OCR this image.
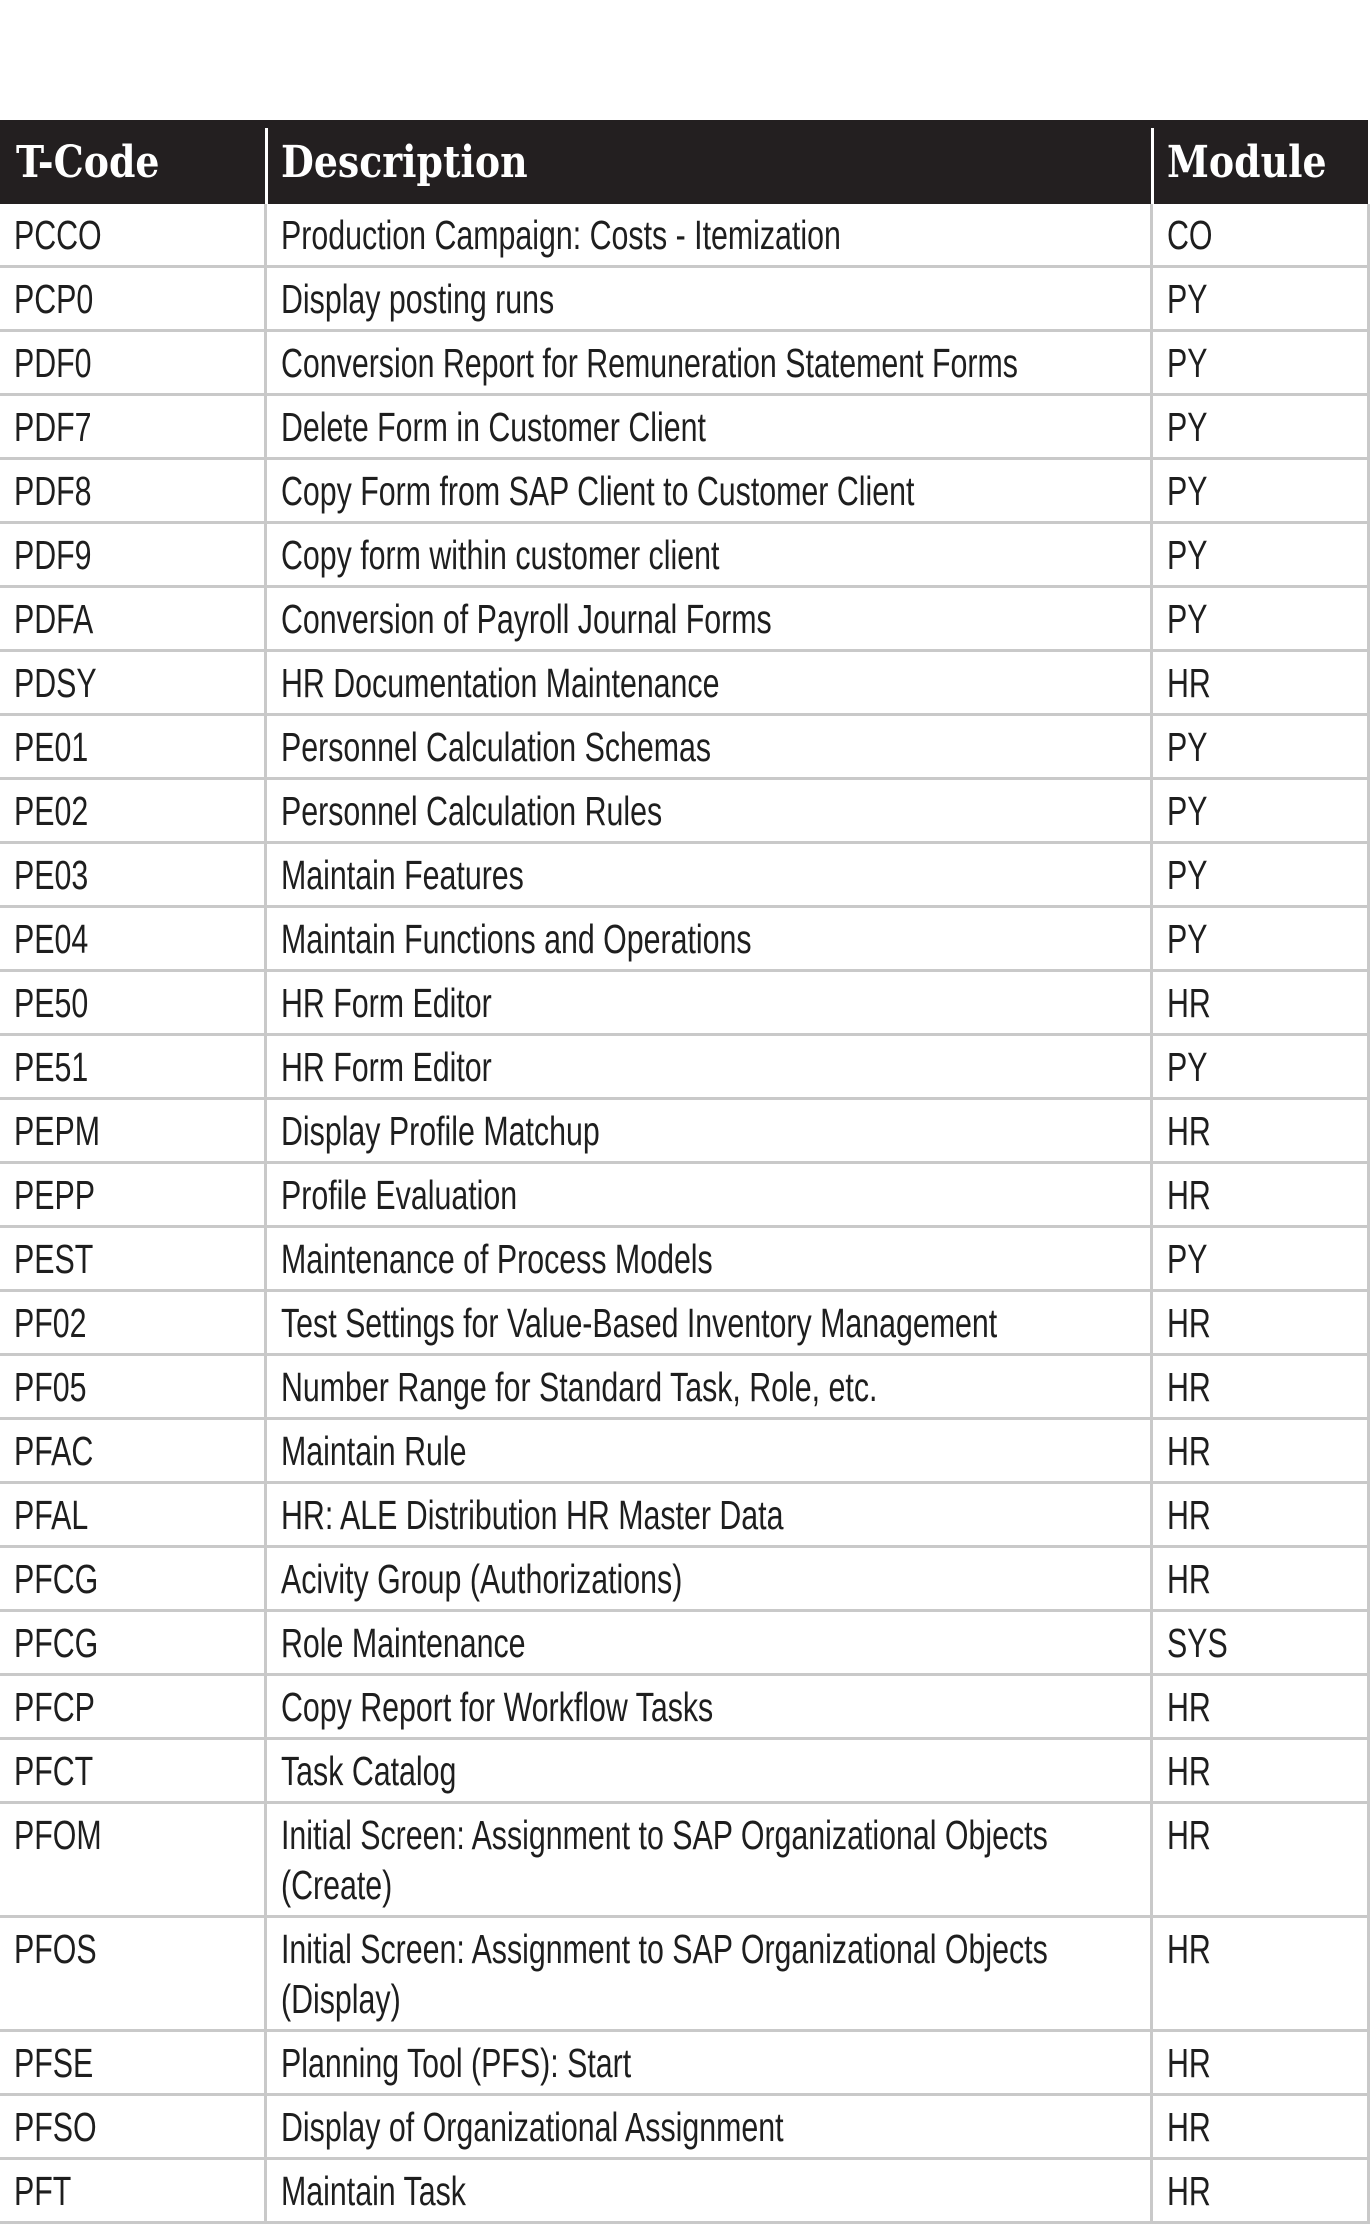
T-Code	Description	Module
PCCO	Production Campaign: Costs - Itemization	CO
PCP0	Display posting runs	PY
PDF0	Conversion Report for Remuneration Statement Forms	PY
PDF7	Delete Form in Customer Client	PY
PDF8	Copy Form from SAP Client to Customer Client	PY
PDF9	Copy form within customer client	PY
PDFA	Conversion of Payroll Journal Forms	PY
PDSY	HR Documentation Maintenance	HR
PE01	Personnel Calculation Schemas	PY
PE02	Personnel Calculation Rules	PY
PE03	Maintain Features	PY
PE04	Maintain Functions and Operations	PY
PE50	HR Form Editor	HR
PE51	HR Form Editor	PY
PEPM	Display Profile Matchup	HR
PEPP	Profile Evaluation	HR
PEST	Maintenance of Process Models	PY
PF02	Test Settings for Value-Based Inventory Management	HR
PF05	Number Range for Standard Task, Role, etc.	HR
PFAC	Maintain Rule	HR
PFAL	HR: ALE Distribution HR Master Data	HR
PFCG	Acivity Group (Authorizations)	HR
PFCG	Role Maintenance	SYS
PFCP	Copy Report for Workflow Tasks	HR
PFCT	Task Catalog	HR
PFOM	Initial Screen: Assignment to SAP Organizational Objects (Create)	HR
PFOS	Initial Screen: Assignment to SAP Organizational Objects (Display)	HR
PFSE	Planning Tool (PFS): Start	HR
PFSO	Display of Organizational Assignment	HR
PFT	Maintain Task	HR
